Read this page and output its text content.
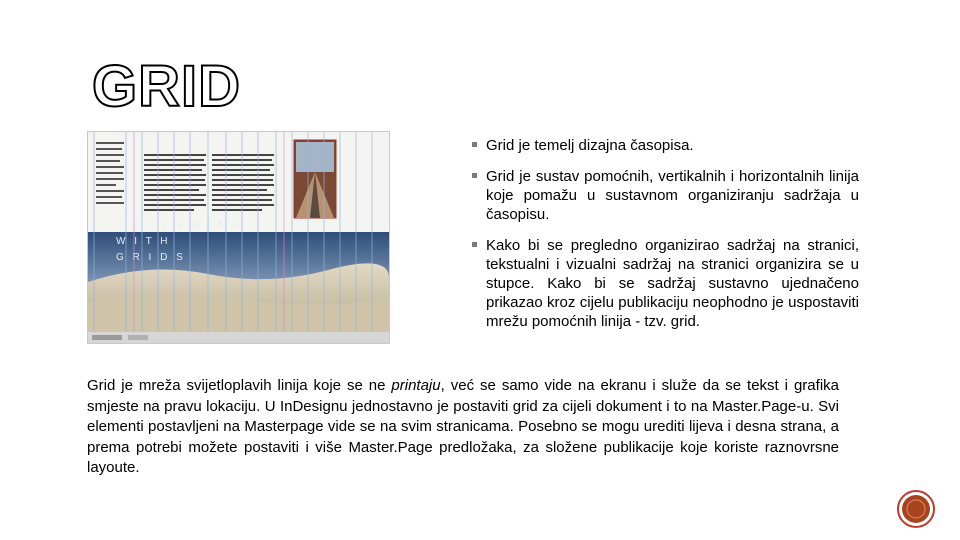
GRID
D E S I G N I N G
W I T H
G R I D S
Grid je temelj dizajna časopisa.
Grid je sustav pomoćnih, vertikalnih i horizontalnih linija koje pomažu u sustavnom organiziranju sadržaja u časopisu.
Kako bi se pregledno organizirao sadržaj na stranici, tekstualni i vizualni sadržaj na stranici organizira se u stupce. Kako bi se sadržaj sustavno ujednačeno prikazao kroz cijelu publikaciju neophodno je uspostaviti mrežu pomoćnih linija - tzv. grid.
Grid je mreža svijetloplavih linija koje se ne printaju, već se samo vide na ekranu i služe da se tekst i grafika smjeste na pravu lokaciju. U InDesignu jednostavno je postaviti grid za cijeli dokument i to na Master.Page-u. Svi elementi postavljeni na Masterpage vide se na svim stranicama. Posebno se mogu urediti lijeva i desna strana, a prema potrebi možete postaviti i više Master.Page predložaka, za složene publikacije koje koriste raznovrsne layoute.
